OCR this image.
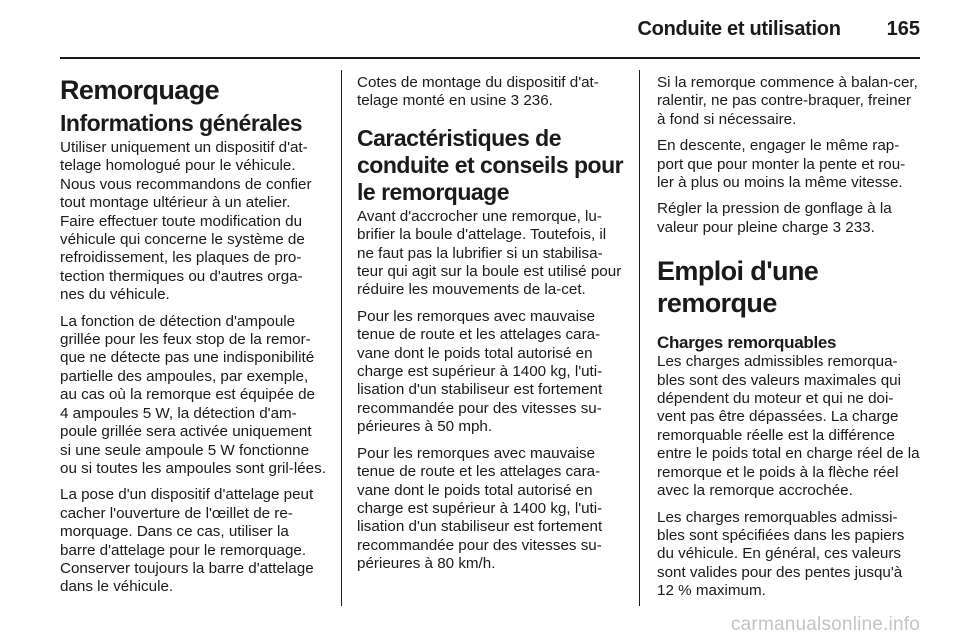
Conduite et utilisation 165
Remorquage
Informations générales

Utiliser uniquement un dispositif d'at-telage homologué pour le véhicule. Nous vous recommandons de confier tout montage ultérieur à un atelier. Faire effectuer toute modification du véhicule qui concerne le système de refroidissement, les plaques de pro-tection thermiques ou d'autres orga-nes du véhicule.

La fonction de détection d'ampoule grillée pour les feux stop de la remor-que ne détecte pas une indisponibilité partielle des ampoules, par exemple, au cas où la remorque est équipée de 4 ampoules 5 W, la détection d'am-poule grillée sera activée uniquement si une seule ampoule 5 W fonctionne ou si toutes les ampoules sont gril-lées.

La pose d'un dispositif d'attelage peut cacher l'ouverture de l'œillet de re-morquage. Dans ce cas, utiliser la barre d'attelage pour le remorquage. Conserver toujours la barre d'attelage dans le véhicule.

Cotes de montage du dispositif d'at-telage monté en usine 3 236.

Caractéristiques de conduite et conseils pour le remorquage

Avant d'accrocher une remorque, lu-brifier la boule d'attelage. Toutefois, il ne faut pas la lubrifier si un stabilisa-teur qui agit sur la boule est utilisé pour réduire les mouvements de la-cet.

Pour les remorques avec mauvaise tenue de route et les attelages cara-vane dont le poids total autorisé en charge est supérieur à 1400 kg, l'uti-lisation d'un stabiliseur est fortement recommandée pour des vitesses su-périeures à 50 mph.

Pour les remorques avec mauvaise tenue de route et les attelages cara-vane dont le poids total autorisé en charge est supérieur à 1400 kg, l'uti-lisation d'un stabiliseur est fortement recommandée pour des vitesses su-périeures à 80 km/h.

Si la remorque commence à balan-cer, ralentir, ne pas contre-braquer, freiner à fond si nécessaire.

En descente, engager le même rap-port que pour monter la pente et rou-ler à plus ou moins la même vitesse.

Régler la pression de gonflage à la valeur pour pleine charge 3 233.

Emploi d'une remorque
Charges remorquables

Les charges admissibles remorqua-bles sont des valeurs maximales qui dépendent du moteur et qui ne doi-vent pas être dépassées. La charge remorquable réelle est la différence entre le poids total en charge réel de la remorque et le poids à la flèche réel avec la remorque accrochée.

Les charges remorquables admissi-bles sont spécifiées dans les papiers du véhicule. En général, ces valeurs sont valides pour des pentes jusqu'à 12 % maximum.

carmanualsonline.info
